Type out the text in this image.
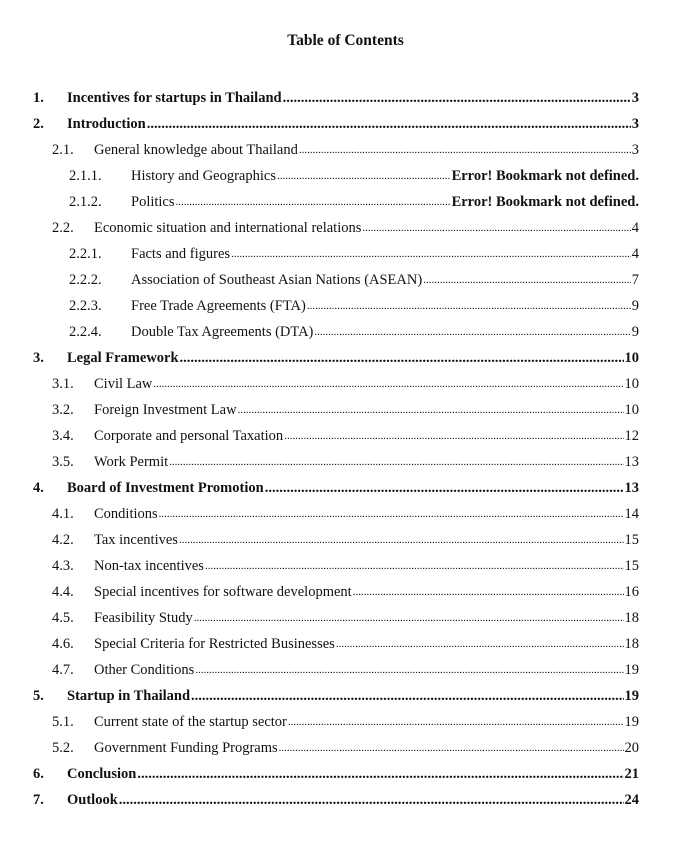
Table of Contents
1.	Incentives for startups in Thailand .....	3
2.	Introduction .....	3
2.1.	General knowledge about Thailand .....	3
2.1.1.	History and Geographics .....	Error! Bookmark not defined.
2.1.2.	Politics .....	Error! Bookmark not defined.
2.2.	Economic situation and international relations .....	4
2.2.1.	Facts and figures .....	4
2.2.2.	Association of Southeast Asian Nations (ASEAN) .....	7
2.2.3.	Free Trade Agreements (FTA) .....	9
2.2.4.	Double Tax Agreements (DTA) .....	9
3.	Legal Framework .....	10
3.1.	Civil Law .....	10
3.2.	Foreign Investment Law .....	10
3.4.	Corporate and personal Taxation .....	12
3.5.	Work Permit .....	13
4.	Board of Investment Promotion .....	13
4.1.	Conditions .....	14
4.2.	Tax incentives .....	15
4.3.	Non-tax incentives .....	15
4.4.	Special incentives for software development .....	16
4.5.	Feasibility Study .....	18
4.6.	Special Criteria for Restricted Businesses .....	18
4.7.	Other Conditions .....	19
5.	Startup in Thailand .....	19
5.1.	Current state of the startup sector .....	19
5.2.	Government Funding Programs .....	20
6.	Conclusion .....	21
7.	Outlook .....	24
